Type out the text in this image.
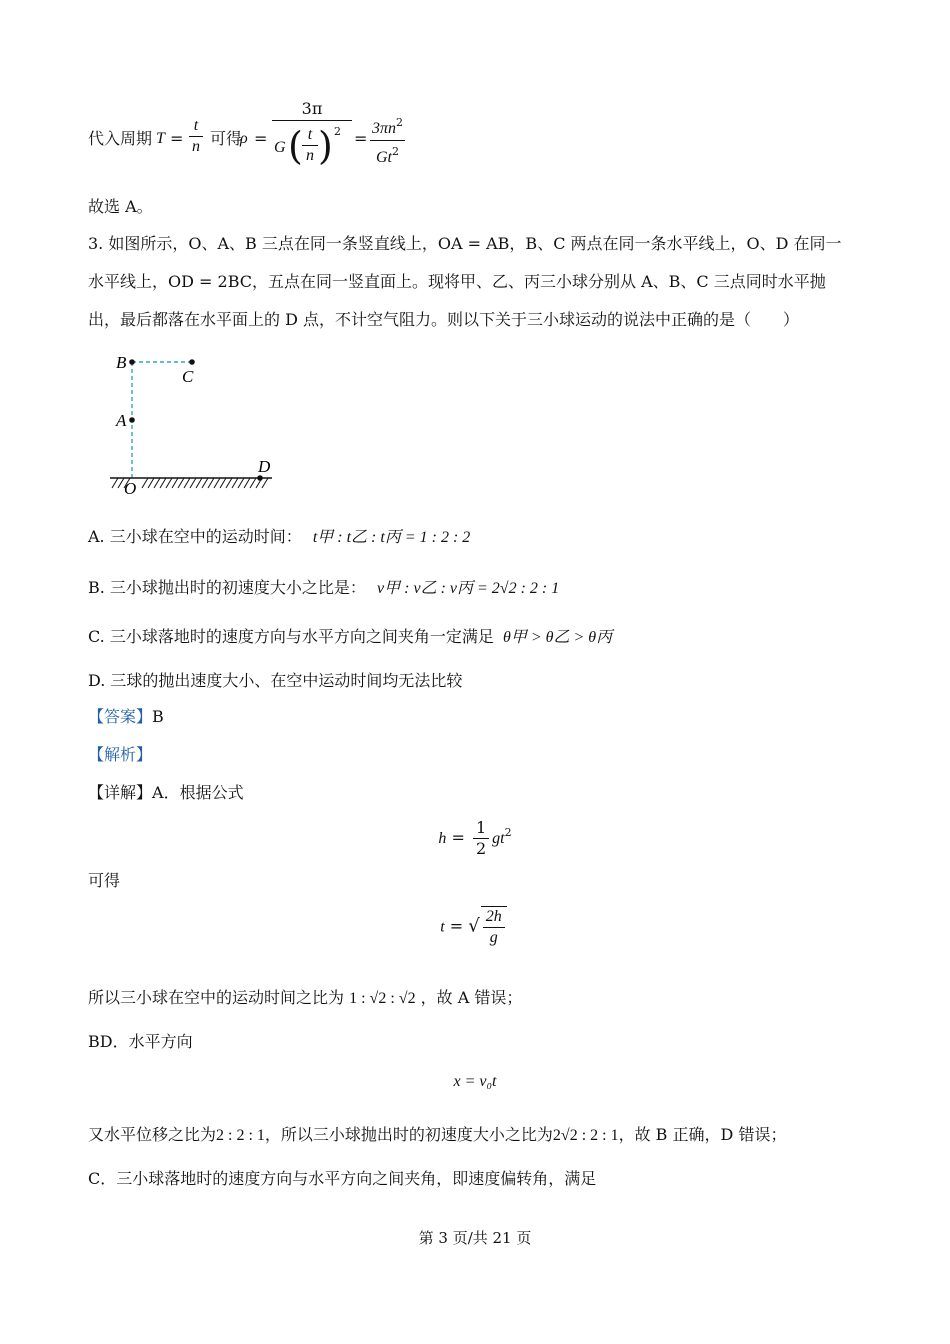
代入周期 $T = \frac{t}{n}$ 可得
ρ =
3π
G ( t
n ) 2 =
$3\pi n^2$
Gt$^2$
故选 A。
3. 如图所示，O、A、B 三点在同一条竖直线上，OA = AB，B、C 两点在同一条水平线上，O、D 在同一
水平线上，OD = 2BC，五点在同一竖直面上。现将甲、乙、丙三小球分别从 A、B、C 三点同时水平抛
出，最后都落在水平面上的 D 点，不计空气阻力。则以下关于三小球运动的说法中正确的是（　　）
B
C
A
O
D
A. 三小球在空中的运动时间： t甲 : t乙 : t丙 = 1 : 2 : 2
B. 三小球抛出时的初速度大小之比是： v甲 : v乙 : v丙 = 2√2 : 2 : 1
C. 三小球落地时的速度方向与水平方向之间夹角一定满足 θ甲 > θ乙 > θ丙
D. 三球的抛出速度大小、在空中运动时间均无法比较
【答案】B
【解析】
【详解】A．根据公式
$h = \frac{1}{2} gt^2$
可得
t = √ $\frac{2h}{g}$
所以三小球在空中的运动时间之比为 1 : √2 : √2 ，故 A 错误；
BD．水平方向
x = v₀t
又水平位移之比为2 : 2 : 1，所以三小球抛出时的初速度大小之比为2√2 : 2 : 1，故 B 正确，D 错误；
C．三小球落地时的速度方向与水平方向之间夹角，即速度偏转角，满足
第 3 页/共 21 页
